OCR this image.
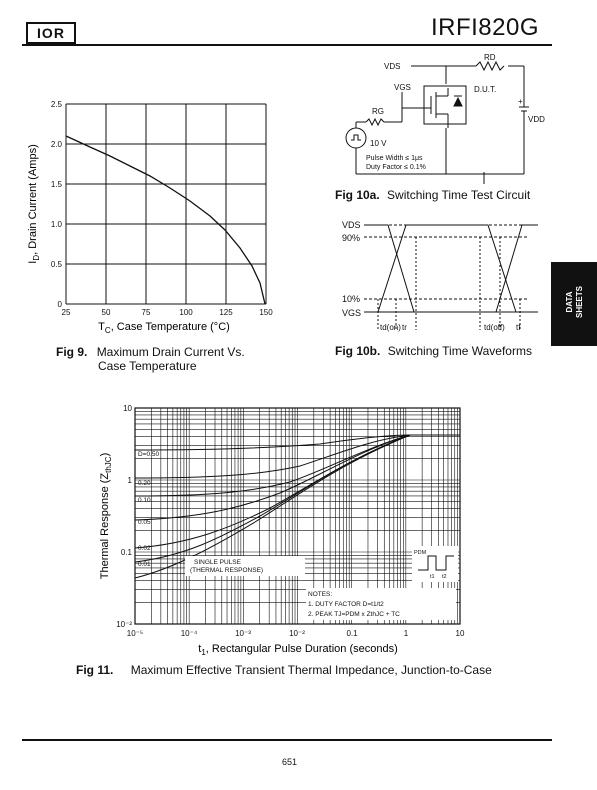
IOR	IRFI820G
DATA SHEETS
25	50	75	100	125	150
0
0.5
1.0
1.5
2.0
2.5
$T_C$, Case Temperature (°C)
$I_D$, Drain Current (Amps)
Fig 9. Maximum Drain Current Vs.
Case Temperature
VDS
RD
VGS
RG
D.U.T.
VDD
+
10 V
Pulse Width ≤ 1μs
Duty Factor ≤ 0.1%
Fig 10a. Switching Time Test Circuit
VDS
90%
10%
VGS
td(on) tr	td(off) tf
Fig 10b. Switching Time Waveforms
D=0.50
0.20
0.10
0.05
0.02
0.01	SINGLE PULSE
(THERMAL RESPONSE)
NOTES:
1. DUTY FACTOR D=t1/t2
2. PEAK TJ=PDM x ZthJC + TC
PDM
t1 t2
10⁻⁵	10⁻⁴	10⁻³	10⁻²	0.1	1	10
10
1
0.1
10⁻²
$t_1$, Rectangular Pulse Duration (seconds)
Thermal Response $(Z_{thJC})$
Fig 11. Maximum Effective Transient Thermal Impedance, Junction-to-Case
651
